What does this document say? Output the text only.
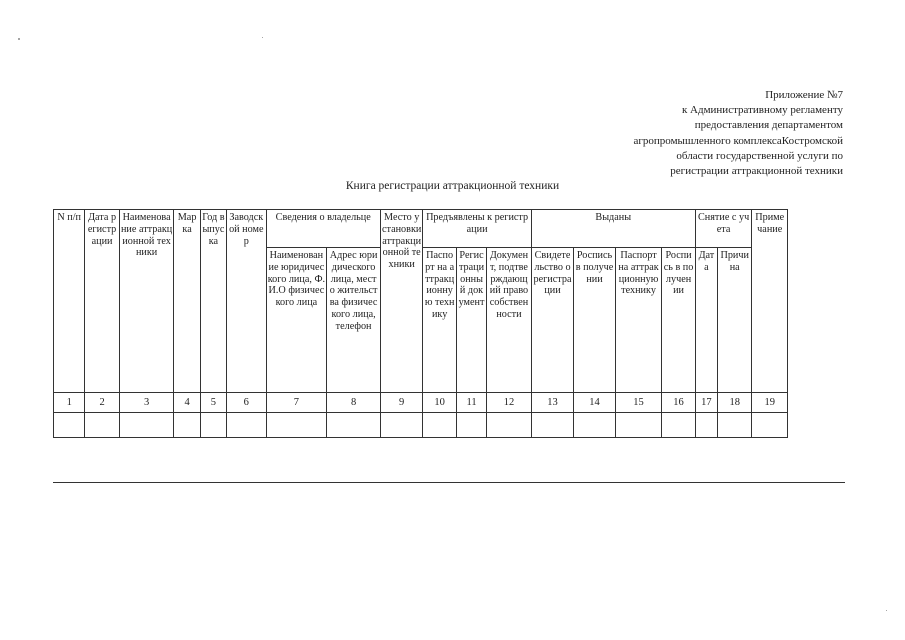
Приложение №7
к Административному регламенту
предоставления департаментом
агропромышленного комплексаКостромской
области государственной услуги по
регистрации аттракционной техники
Книга регистрации аттракционной техники
N п/п	Дата регистрации	Наименование аттракционной техники	Марка	Год выпуска	Заводской номер	Сведения о владельце		Место установки аттракционной техники	Предъявлены к регистрации			Выданы				Снятие с учета		Примечание
						Наименование юридического лица, Ф.И.О физического лица	Адрес юридического лица, место жительства физического лица, телефон		Паспорт на аттракционную технику	Регистрационный документ	Документ, подтверждающий право собственности	Свидетельство о регистрации	Роспись в получении	Паспорт на аттракционную технику	Роспись в получении	Дата	Причина	
1	2	3	4	5	6	7	8	9	10	11	12	13	14	15	16	17	18	19
